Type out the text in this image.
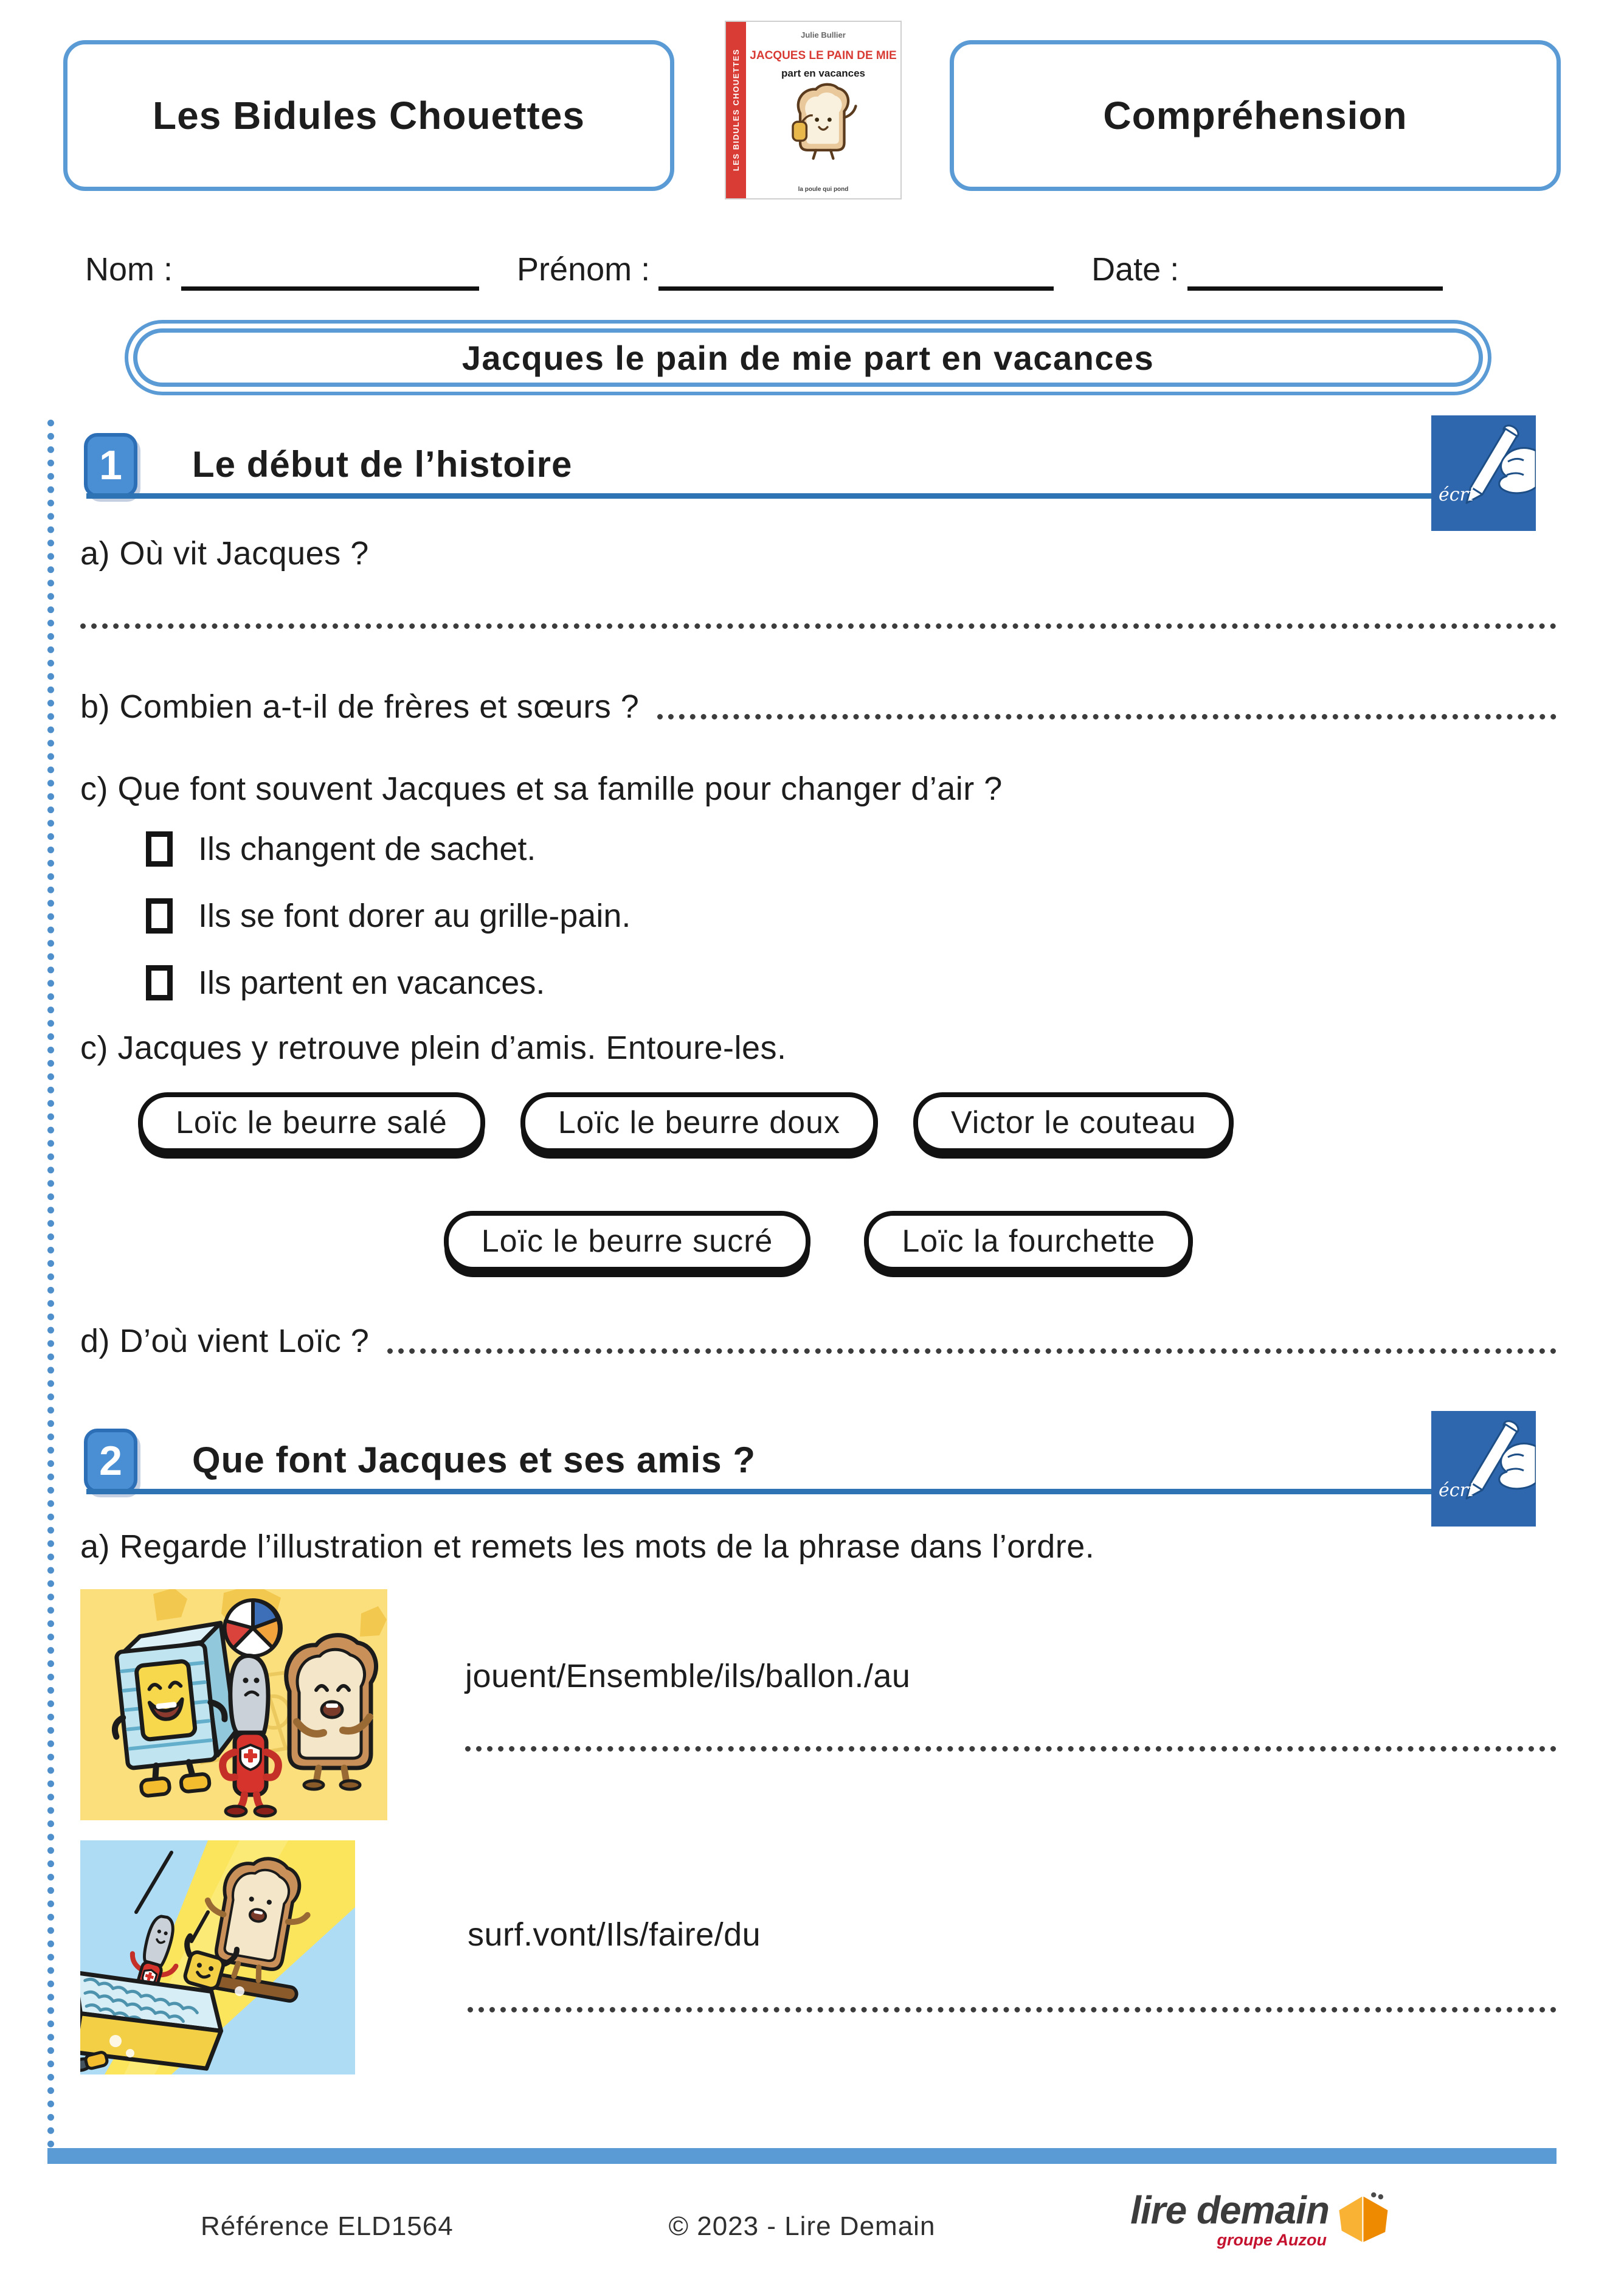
Les Bidules Chouettes	LES BIDULES CHOUETTES
Julie Bullier
JACQUES LE PAIN DE MIE
part en vacances
la poule qui pond
Compréhension
Nom :	Prénom :	Date :
Jacques le pain de mie part en vacances
1 Le début de l’histoire
écri
a) Où vit Jacques ?
b) Combien a-t-il de frères et sœurs ?
c) Que font souvent Jacques et sa famille pour changer d’air ?
Ils changent de sachet.
Ils se font dorer au grille-pain.
Ils partent en vacances.
c) Jacques y retrouve plein d’amis. Entoure-les.
Loïc le beurre salé	Loïc le beurre doux	Victor le couteau
Loïc le beurre sucré	Loïc la fourchette
d) D’où vient Loïc ?
2 Que font Jacques et ses amis ?
écri
a) Regarde l’illustration et remets les mots de la phrase dans l’ordre.
jouent/Ensemble/ils/ballon./au
surf.vont/Ils/faire/du
Référence ELD1564	© 2023 - Lire Demain	lire demain
groupe Auzou
